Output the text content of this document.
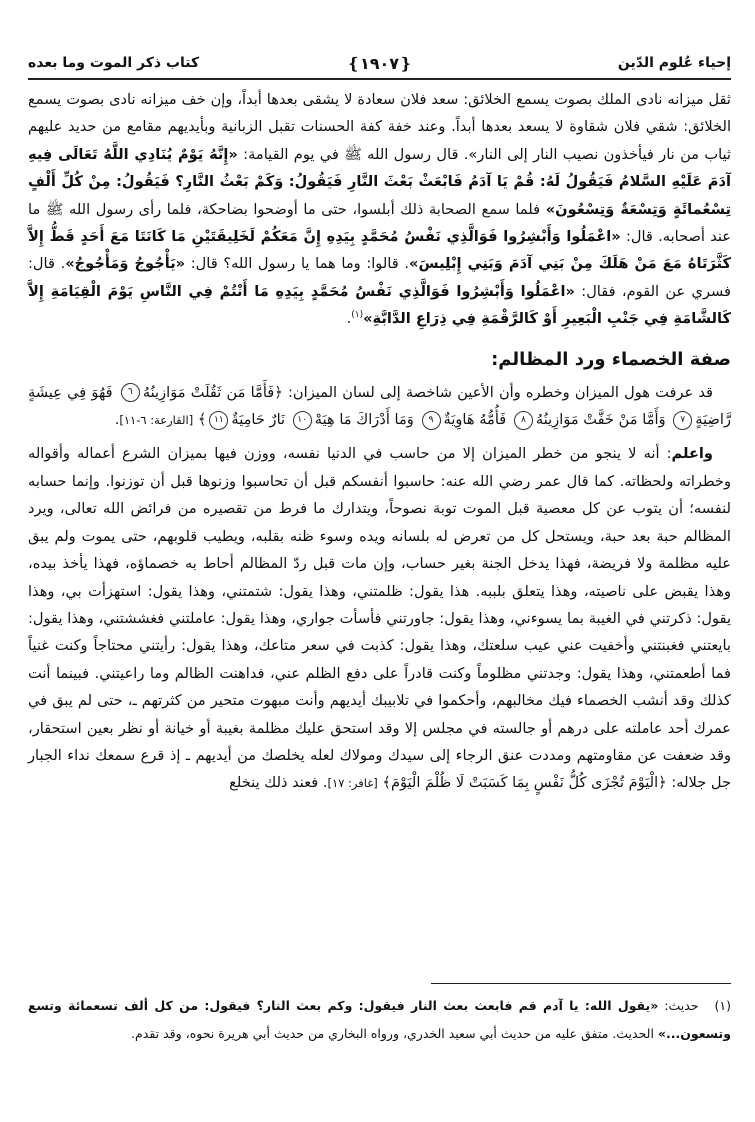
إحياء عُلوم الدّين
❴١٩٠٧❵
كتاب ذكر الموت وما بعده

ثقل ميزانه نادى الملك بصوت يسمع الخلائق: سعد فلان سعادة لا يشقى بعدها أبداً، وإن خف ميزانه نادى بصوت يسمع الخلائق: شقي فلان شقاوة لا يسعد بعدها أبداً. وعند خفة كفة الحسنات تقبل الزبانية وبأيديهم مقامع من حديد عليهم ثياب من نار فيأخذون نصيب النار إلى النار». قال رسول الله ﷺ في يوم القيامة: «إِنَّهُ يَوْمٌ يُنَادِي اللَّهُ تَعَالَى فِيهِ آدَمَ عَلَيْهِ السَّلامُ فَيَقُولُ لَهُ: قُمْ يَا آدَمُ فَابْعَثْ بَعْثَ النَّارِ فَيَقُولُ: وَكَمْ بَعْثُ النَّارِ؟ فَيَقُولُ: مِنْ كُلِّ أَلْفٍ تِسْعُمائَةٍ وَتِسْعَةٌ وَتِسْعُونَ» فلما سمع الصحابة ذلك أبلسوا، حتى ما أوضحوا بضاحكة، فلما رأى رسول الله ﷺ ما عند أصحابه. قال: «اعْمَلُوا وَأَبْشِرُوا فَوَالَّذِي نَفْسُ مُحَمَّدٍ بِيَدِهِ إِنَّ مَعَكُمْ لَخَلِيقَتَيْنِ مَا كَانَتَا مَعَ أَحَدٍ قَطُّ إِلاَّ كَثَّرَتَاهُ مَعَ مَنْ هَلَكَ مِنْ بَنِي آدَمَ وَبَنِي إِبْلِيسَ». قالوا: وما هما يا رسول الله؟ قال: «يَأْجُوجُ وَمَأْجُوجُ». قال: فسري عن القوم، فقال: «اعْمَلُوا وَأَبْشِرُوا فَوَالَّذِي نَفْسُ مُحَمَّدٍ بِيَدِهِ مَا أَنْتُمْ فِي النَّاسِ يَوْمَ الْقِيَامَةِ إِلاَّ كَالشَّامَةِ فِي جَنْبِ الْبَعِيرِ أَوْ كَالرَّقْمَةِ فِي ذِرَاعِ الدَّابَّةِ»$^{(١)}$.

صفة الخصماء ورد المظالم:

قد عرفت هول الميزان وخطره وأن الأعين شاخصة إلى لسان الميزان: ﴿فَأَمَّا مَن ثَقُلَتْ مَوَازِينُهُ٦ فَهُوَ فِي عِيشَةٍ رَّاضِيَةٍ٧ وَأَمَّا مَنْ خَفَّتْ مَوَازِينُهُ٨ فَأُمُّهُ هَاوِيَةٌ٩ وَمَا أَدْرَاكَ مَا هِيَهْ١٠ نَارٌ حَامِيَةٌ١١﴾ [القارعة: ٦-١١].

واعلم: أنه لا ينجو من خطر الميزان إلا من حاسب في الدنيا نفسه، ووزن فيها بميزان الشرع أعماله وأقواله وخطراته ولحظاته. كما قال عمر رضي الله عنه: حاسبوا أنفسكم قبل أن تحاسبوا وزنوها قبل أن توزنوا. وإنما حسابه لنفسه؛ أن يتوب عن كل معصية قبل الموت توبة نصوحاً، ويتدارك ما فرط من تقصيره من فرائض الله تعالى، ويرد المظالم حبة بعد حبة، ويستحل كل من تعرض له بلسانه ويده وسوء ظنه بقلبه، ويطيب قلوبهم، حتى يموت ولم يبق عليه مظلمة ولا فريضة، فهذا يدخل الجنة بغير حساب، وإن مات قبل ردّ المظالم أحاط به خصماؤه، فهذا يأخذ بيده، وهذا يقبض على ناصيته، وهذا يتعلق بلببه. هذا يقول: ظلمتني، وهذا يقول: شتمتني، وهذا يقول: استهزأت بي، وهذا يقول: ذكرتني في الغيبة بما يسوءني، وهذا يقول: جاورتني فأسأت جواري، وهذا يقول: عاملتني فغششتني، وهذا يقول: بايعتني فغبنتني وأخفيت عني عيب سلعتك، وهذا يقول: كذبت في سعر متاعك، وهذا يقول: رأيتني محتاجاً وكنت غنياً فما أطعمتني، وهذا يقول: وجدتني مظلوماً وكنت قادراً على دفع الظلم عني، فداهنت الظالم وما راعيتني. فبينما أنت كذلك وقد أنشب الخصماء فيك مخالبهم، وأحكموا في تلابيبك أيديهم وأنت مبهوت متحير من كثرتهم ـ، حتى لم يبق في عمرك أحد عاملته على درهم أو جالسته في مجلس إلا وقد استحق عليك مظلمة بغيبة أو خيانة أو نظر بعين استحقار، وقد ضعفت عن مقاومتهم ومددت عنق الرجاء إلى سيدك ومولاك لعله يخلصك من أيديهم ـ إذ قرع سمعك نداء الجبار جل جلاله: ﴿الْيَوْمَ تُجْزَى كُلُّ نَفْسٍ بِمَا كَسَبَتْ لَا ظُلْمَ الْيَوْمَ﴾ [غافر: ١٧]. فعند ذلك ينخلع

(١)حديث: «يقول الله: يا آدم قم فابعث بعث النار فيقول: وكم بعث النار؟ فيقول: من كل ألف تسعمائة وتسع وتسعون...» الحديث. متفق عليه من حديث أبي سعيد الخدري، ورواه البخاري من حديث أبي هريرة نحوه، وقد تقدم.
